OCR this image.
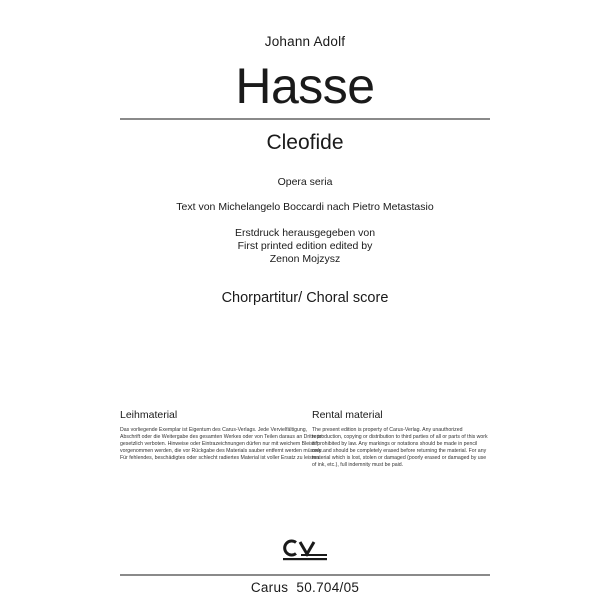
Johann Adolf
Hasse
Cleofide
Opera seria
Text von Michelangelo Boccardi nach Pietro Metastasio
Erstdruck herausgegeben von
First printed edition edited by
Zenon Mojzysz
Chorpartitur/ Choral score
Leihmaterial

Das vorliegende Exemplar ist Eigentum des Carus-Verlags. Jede Vervielfältigung, Abschrift oder die Weitergabe des gesamten Werkes oder von Teilen daraus an Dritte ist gesetzlich verboten. Hinweise oder Eintrazeichnungen dürfen nur mit weichem Bleistift vorgenommen werden, die vor Rückgabe des Materials sauber entfernt werden müssen. Für fehlendes, beschädigtes oder schlecht radiertes Material ist voller Ersatz zu leisten.

Rental material

The present edition is property of Carus-Verlag. Any unauthorized reproduction, copying or distribution to third parties of all or parts of this work is prohibited by law. Any markings or notations should be made in pencil only and should be completely erased before returning the material. For any material which is lost, stolen or damaged (poorly erased or damaged by use of ink, etc.), full indemnity must be paid.

cv
Carus  50.704/05
